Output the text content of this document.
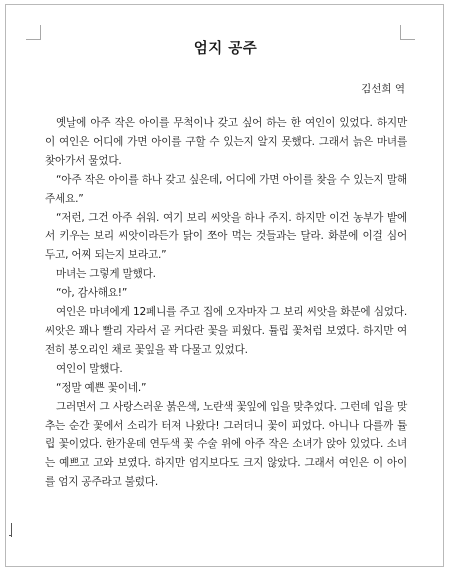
엄지 공주
김선희 역

옛날에 아주 작은 아이를 무척이나 갖고 싶어 하는 한 여인이 있었다. 하지만 이 여인은 어디에 가면 아이를 구할 수 있는지 알지 못했다. 그래서 늙은 마녀를 찾아가서 물었다.

“아주 작은 아이를 하나 갖고 싶은데, 어디에 가면 아이를 찾을 수 있는지 말해 주세요.”

“저런, 그건 아주 쉬워. 여기 보리 씨앗을 하나 주지. 하지만 이건 농부가 밭에서 키우는 보리 씨앗이라든가 닭이 쪼아 먹는 것들과는 달라. 화분에 이걸 심어 두고, 어찌 되는지 보라고.”

마녀는 그렇게 말했다.

“아, 감사해요!”

여인은 마녀에게 12페니를 주고 집에 오자마자 그 보리 씨앗을 화분에 심었다. 씨앗은 꽤나 빨리 자라서 곧 커다란 꽃을 피웠다. 튤립 꽃처럼 보였다. 하지만 여전히 봉오리인 채로 꽃잎을 꽉 다물고 있었다.

여인이 말했다.

“정말 예쁜 꽃이네.”

그러면서 그 사랑스러운 붉은색, 노란색 꽃잎에 입을 맞추었다. 그런데 입을 맞추는 순간 꽃에서 소리가 터져 나왔다! 그러더니 꽃이 피었다. 아니나 다를까 튤립 꽃이었다. 한가운데 연두색 꽃 수술 위에 아주 작은 소녀가 앉아 있었다. 소녀는 예쁘고 고와 보였다. 하지만 엄지보다도 크지 않았다. 그래서 여인은 이 아이를 엄지 공주라고 불렀다.
